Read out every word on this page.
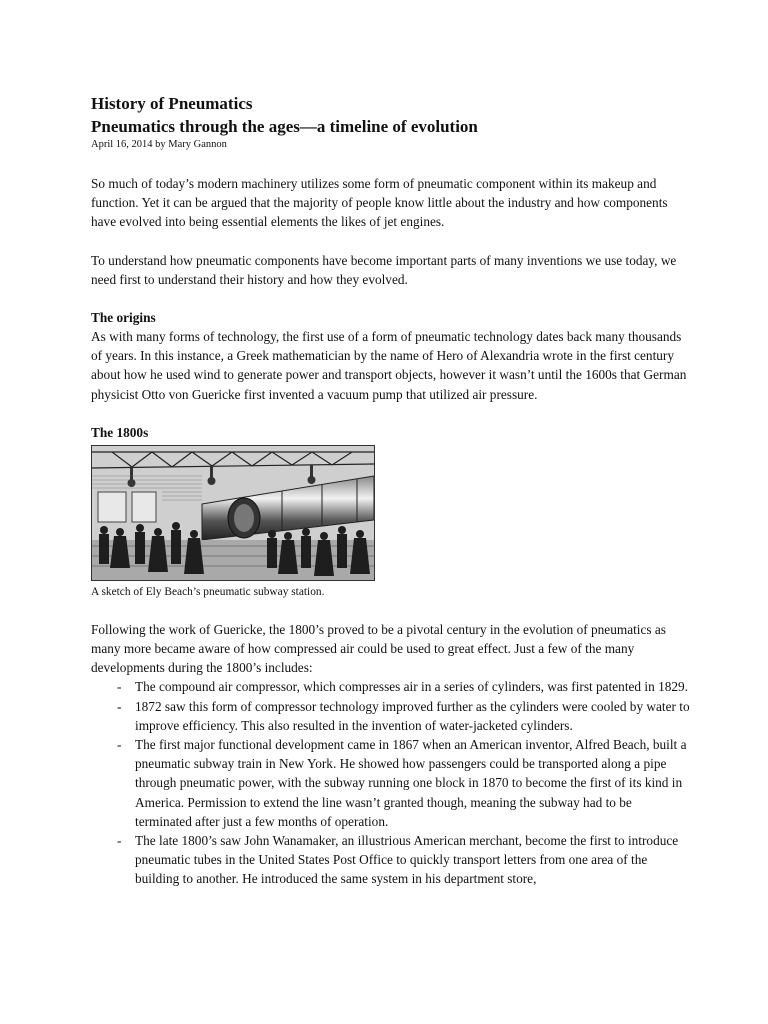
History of Pneumatics
Pneumatics through the ages—a timeline of evolution

April 16, 2014 by Mary Gannon

So much of today’s modern machinery utilizes some form of pneumatic component within its makeup and function. Yet it can be argued that the majority of people know little about the industry and how components have evolved into being essential elements the likes of jet engines.

To understand how pneumatic components have become important parts of many inventions we use today, we need first to understand their history and how they evolved.

The origins

As with many forms of technology, the first use of a form of pneumatic technology dates back many thousands of years. In this instance, a Greek mathematician by the name of Hero of Alexandria wrote in the first century about how he used wind to generate power and transport objects, however it wasn’t until the 1600s that German physicist Otto von Guericke first invented a vacuum pump that utilized air pressure.

The 1800s

A sketch of Ely Beach’s pneumatic subway station.

Following the work of Guericke, the 1800’s proved to be a pivotal century in the evolution of pneumatics as many more became aware of how compressed air could be used to great effect. Just a few of the many developments during the 1800’s includes:

- The compound air compressor, which compresses air in a series of cylinders, was first patented in 1829.
- 1872 saw this form of compressor technology improved further as the cylinders were cooled by water to improve efficiency. This also resulted in the invention of water-jacketed cylinders.
- The first major functional development came in 1867 when an American inventor, Alfred Beach, built a pneumatic subway train in New York. He showed how passengers could be transported along a pipe through pneumatic power, with the subway running one block in 1870 to become the first of its kind in America. Permission to extend the line wasn’t granted though, meaning the subway had to be terminated after just a few months of operation.
- The late 1800’s saw John Wanamaker, an illustrious American merchant, become the first to introduce pneumatic tubes in the United States Post Office to quickly transport letters from one area of the building to another. He introduced the same system in his department store,
